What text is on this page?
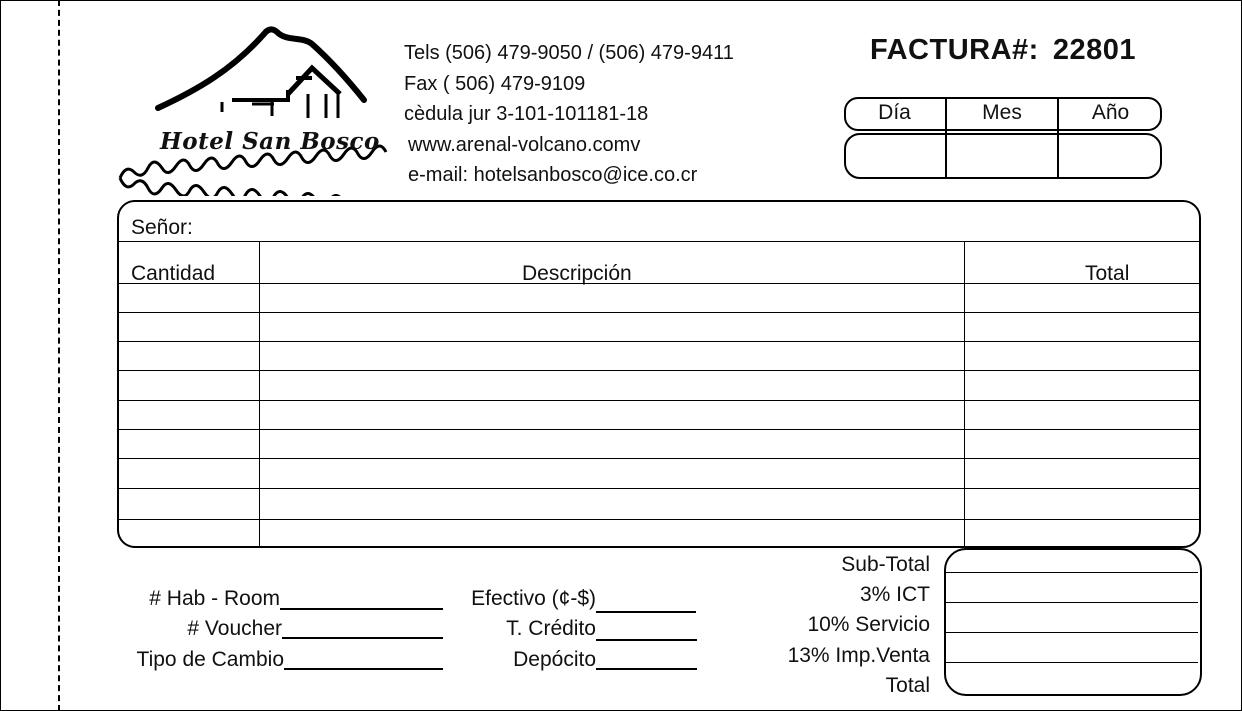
Hotel San Bosco
Tels (506) 479-9050 / (506) 479-9411
Fax ( 506) 479-9109
cèdula jur 3-101-101181-18
www.arenal-volcano.comv
e-mail: hotelsanbosco@ice.co.cr
FACTURA#: 22801
Día	Mes	Año
Señor:
Cantidad	Descripción	Total
# Hab - Room
# Voucher
Tipo de Cambio
Efectivo (¢-$)
T. Crédito
Depócito
Sub-Total
3% ICT
10% Servicio
13% Imp.Venta
Total
